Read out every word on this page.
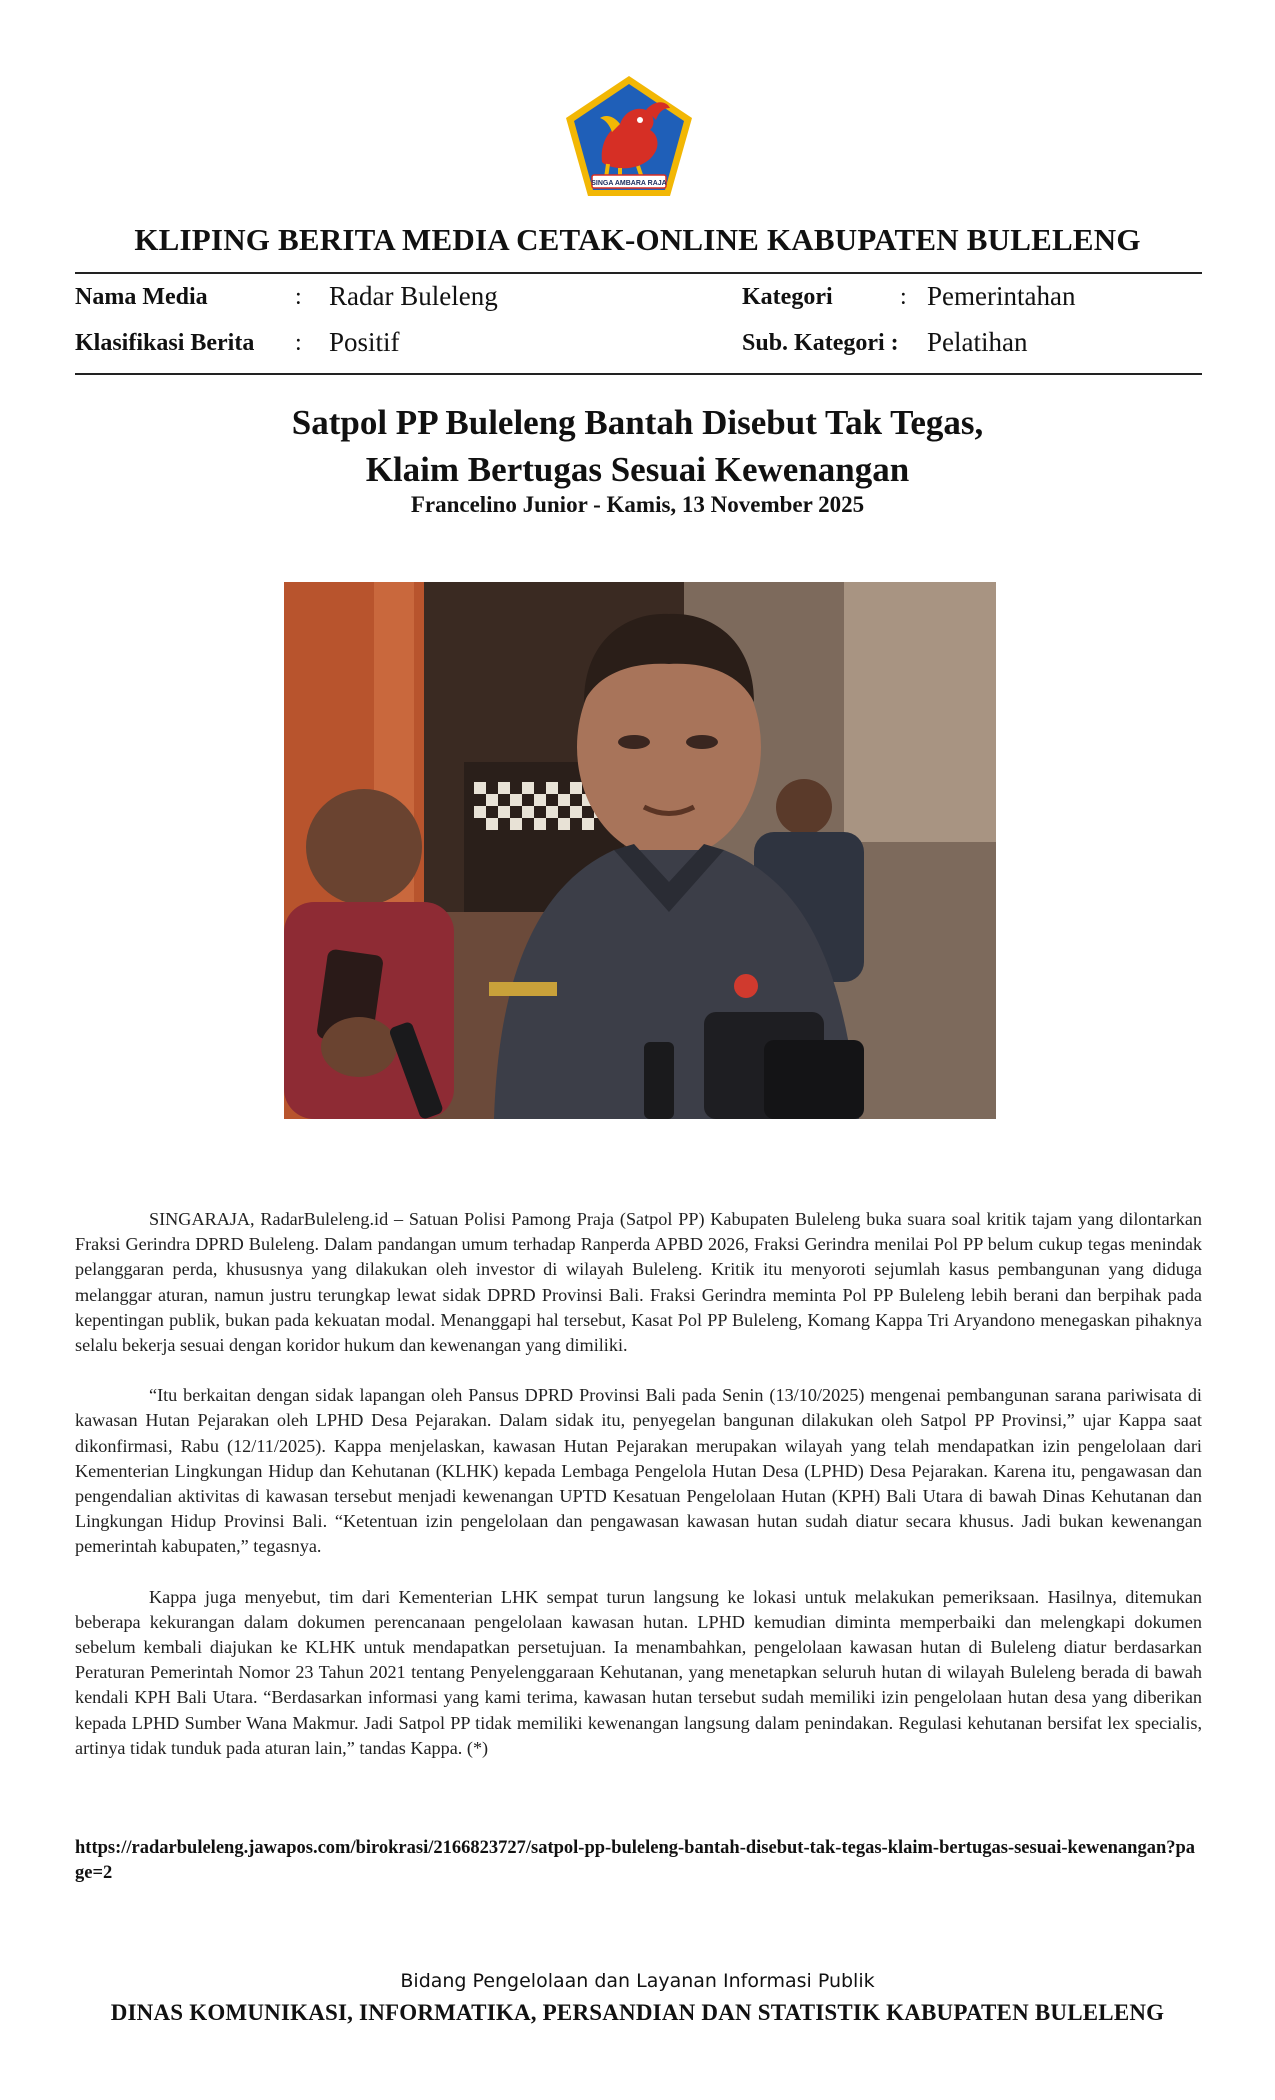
SINGA AMBARA RAJA
KLIPING BERITA MEDIA CETAK-ONLINE KABUPATEN BULELENG
Nama Media	: Radar Buleleng
Klasifikasi Berita : Positif
Kategori	: Pemerintahan
Sub. Kategori : Pelatihan
Satpol PP Buleleng Bantah Disebut Tak Tegas,
Klaim Bertugas Sesuai Kewenangan
Francelino Junior - Kamis, 13 November 2025

SINGARAJA, RadarBuleleng.id – Satuan Polisi Pamong Praja (Satpol PP) Kabupaten Buleleng buka suara soal kritik tajam yang dilontarkan Fraksi Gerindra DPRD Buleleng. Dalam pandangan umum terhadap Ranperda APBD 2026, Fraksi Gerindra menilai Pol PP belum cukup tegas menindak pelanggaran perda, khususnya yang dilakukan oleh investor di wilayah Buleleng. Kritik itu menyoroti sejumlah kasus pembangunan yang diduga melanggar aturan, namun justru terungkap lewat sidak DPRD Provinsi Bali. Fraksi Gerindra meminta Pol PP Buleleng lebih berani dan berpihak pada kepentingan publik, bukan pada kekuatan modal. Menanggapi hal tersebut, Kasat Pol PP Buleleng, Komang Kappa Tri Aryandono menegaskan pihaknya selalu bekerja sesuai dengan koridor hukum dan kewenangan yang dimiliki.

“Itu berkaitan dengan sidak lapangan oleh Pansus DPRD Provinsi Bali pada Senin (13/10/2025) mengenai pembangunan sarana pariwisata di kawasan Hutan Pejarakan oleh LPHD Desa Pejarakan. Dalam sidak itu, penyegelan bangunan dilakukan oleh Satpol PP Provinsi,” ujar Kappa saat dikonfirmasi, Rabu (12/11/2025). Kappa menjelaskan, kawasan Hutan Pejarakan merupakan wilayah yang telah mendapatkan izin pengelolaan dari Kementerian Lingkungan Hidup dan Kehutanan (KLHK) kepada Lembaga Pengelola Hutan Desa (LPHD) Desa Pejarakan. Karena itu, pengawasan dan pengendalian aktivitas di kawasan tersebut menjadi kewenangan UPTD Kesatuan Pengelolaan Hutan (KPH) Bali Utara di bawah Dinas Kehutanan dan Lingkungan Hidup Provinsi Bali. “Ketentuan izin pengelolaan dan pengawasan kawasan hutan sudah diatur secara khusus. Jadi bukan kewenangan pemerintah kabupaten,” tegasnya.

Kappa juga menyebut, tim dari Kementerian LHK sempat turun langsung ke lokasi untuk melakukan pemeriksaan. Hasilnya, ditemukan beberapa kekurangan dalam dokumen perencanaan pengelolaan kawasan hutan. LPHD kemudian diminta memperbaiki dan melengkapi dokumen sebelum kembali diajukan ke KLHK untuk mendapatkan persetujuan. Ia menambahkan, pengelolaan kawasan hutan di Buleleng diatur berdasarkan Peraturan Pemerintah Nomor 23 Tahun 2021 tentang Penyelenggaraan Kehutanan, yang menetapkan seluruh hutan di wilayah Buleleng berada di bawah kendali KPH Bali Utara. “Berdasarkan informasi yang kami terima, kawasan hutan tersebut sudah memiliki izin pengelolaan hutan desa yang diberikan kepada LPHD Sumber Wana Makmur. Jadi Satpol PP tidak memiliki kewenangan langsung dalam penindakan. Regulasi kehutanan bersifat lex specialis, artinya tidak tunduk pada aturan lain,” tandas Kappa. (*)

https://radarbuleleng.jawapos.com/birokrasi/2166823727/satpol-pp-buleleng-bantah-disebut-tak-tegas-klaim-bertugas-sesuai-kewenangan?page=2
Bidang Pengelolaan dan Layanan Informasi Publik
DINAS KOMUNIKASI, INFORMATIKA, PERSANDIAN DAN STATISTIK KABUPATEN BULELENG
